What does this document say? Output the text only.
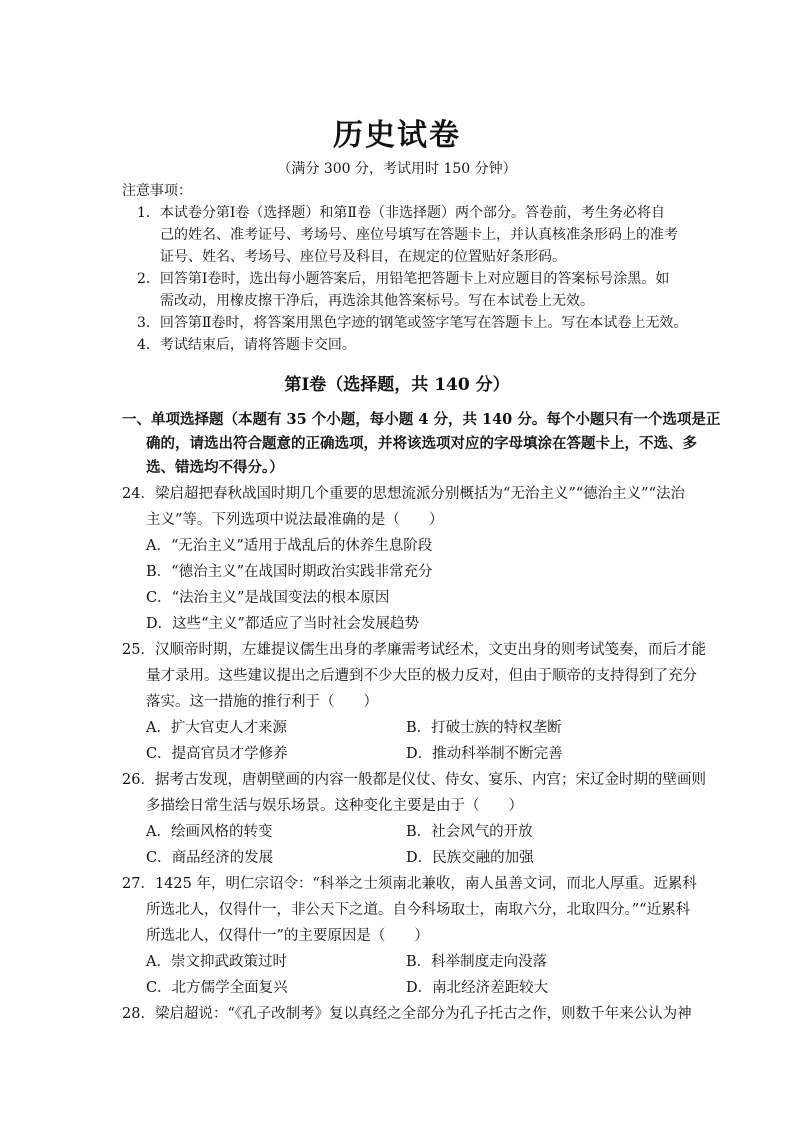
历史试卷
（满分 300 分，考试用时 150 分钟）
注意事项：
1．本试卷分第Ⅰ卷（选择题）和第Ⅱ卷（非选择题）两个部分。答卷前，考生务必将自
己的姓名、准考证号、考场号、座位号填写在答题卡上，并认真核准条形码上的准考
证号、姓名、考场号、座位号及科目，在规定的位置贴好条形码。
2．回答第Ⅰ卷时，选出每小题答案后，用铅笔把答题卡上对应题目的答案标号涂黑。如
需改动，用橡皮擦干净后，再选涂其他答案标号。写在本试卷上无效。
3．回答第Ⅱ卷时，将答案用黑色字迹的钢笔或签字笔写在答题卡上。写在本试卷上无效。
4．考试结束后，请将答题卡交回。
第Ⅰ卷（选择题，共 140 分）
一、单项选择题（本题有 35 个小题，每小题 4 分，共 140 分。每个小题只有一个选项是正
确的，请选出符合题意的正确选项，并将该选项对应的字母填涂在答题卡上，不选、多
选、错选均不得分。）
24．梁启超把春秋战国时期几个重要的思想流派分别概括为“无治主义”“德治主义”“法治
主义”等。下列选项中说法最准确的是（　　）
A．“无治主义”适用于战乱后的休养生息阶段
B．“德治主义”在战国时期政治实践非常充分
C．“法治主义”是战国变法的根本原因
D．这些“主义”都适应了当时社会发展趋势
25．汉顺帝时期，左雄提议儒生出身的孝廉需考试经术，文吏出身的则考试笺奏，而后才能
量才录用。这些建议提出之后遭到不少大臣的极力反对，但由于顺帝的支持得到了充分
落实。这一措施的推行利于（　　）
A．扩大官吏人才来源	B．打破士族的特权垄断
C．提高官员才学修养	D．推动科举制不断完善
26．据考古发现，唐朝壁画的内容一般都是仪仗、侍女、宴乐、内宫；宋辽金时期的壁画则
多描绘日常生活与娱乐场景。这种变化主要是由于（　　）
A．绘画风格的转变	B．社会风气的开放
C．商品经济的发展	D．民族交融的加强
27．1425 年，明仁宗诏令：“科举之士须南北兼收，南人虽善文词，而北人厚重。近累科
所选北人，仅得什一，非公天下之道。自今科场取士，南取六分，北取四分。”“近累科
所选北人，仅得什一”的主要原因是（　　）
A．崇文抑武政策过时	B．科举制度走向没落
C．北方儒学全面复兴	D．南北经济差距较大
28．梁启超说：“《孔子改制考》复以真经之全部分为孔子托古之作，则数千年来公认为神
